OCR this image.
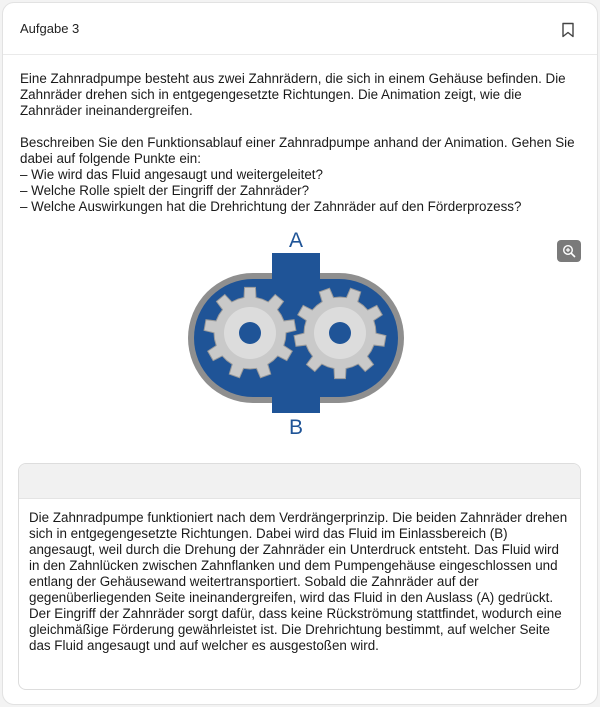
Aufgabe 3

Eine Zahnradpumpe besteht aus zwei Zahnrädern, die sich in einem Gehäuse befinden. Die Zahnräder drehen sich in entgegengesetzte Richtungen. Die Animation zeigt, wie die Zahnräder ineinandergreifen.

Beschreiben Sie den Funktionsablauf einer Zahnradpumpe anhand der Animation. Gehen Sie dabei auf folgende Punkte ein:

– Wie wird das Fluid angesaugt und weitergeleitet?

– Welche Rolle spielt der Eingriff der Zahnräder?

– Welche Auswirkungen hat die Drehrichtung der Zahnräder auf den Förderprozess?

A
B
Die Zahnradpumpe funktioniert nach dem Verdrängerprinzip. Die beiden Zahnräder drehen sich in entgegengesetzte Richtungen. Dabei wird das Fluid im Einlassbereich (B) angesaugt, weil durch die Drehung der Zahnräder ein Unterdruck entsteht. Das Fluid wird in den Zahnlücken zwischen Zahnflanken und dem Pumpengehäuse eingeschlossen und entlang der Gehäusewand weitertransportiert. Sobald die Zahnräder auf der gegenüberliegenden Seite ineinandergreifen, wird das Fluid in den Auslass (A) gedrückt. Der Eingriff der Zahnräder sorgt dafür, dass keine Rückströmung stattfindet, wodurch eine gleichmäßige Förderung gewährleistet ist. Die Drehrichtung bestimmt, auf welcher Seite das Fluid angesaugt und auf welcher es ausgestoßen wird.
